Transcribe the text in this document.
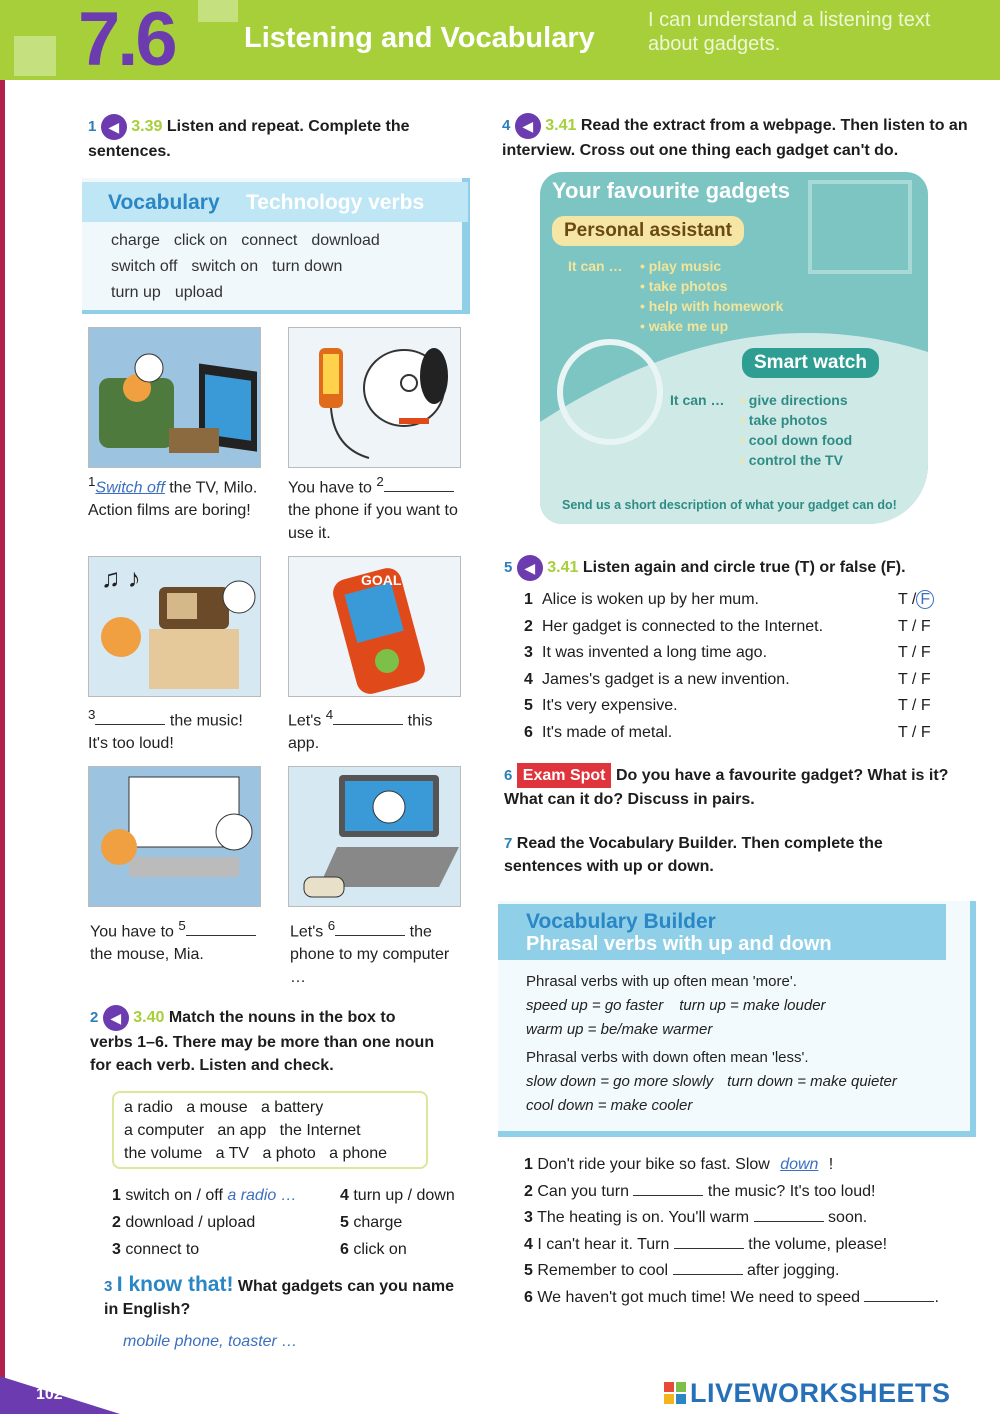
7.6 Listening and Vocabulary
I can understand a listening text about gadgets.
1 ◀ 3.39 Listen and repeat. Complete the sentences.
Vocabulary Technology verbs
charge click on connect download
switch off switch on turn down
turn up upload
$^1$Switch off the TV, Milo. Action films are boring!
You have to $^2$ the phone if you want to use it.
♫ ♪	GOAL
$^3$	the music! It's too loud!
Let's $^4$	this app.
You have to $^5$ the mouse, Mia.
Let's $^6$	the phone to my computer …
2 ◀ 3.40 Match the nouns in the box to verbs 1–6. There may be more than one noun for each verb. Listen and check.
a radio   a mouse   a battery
a computer   an app   the Internet
the volume   a TV   a photo   a phone
1 switch on / off a radio …
2 download / upload
3 connect to
4 turn up / down
5 charge
6 click on
3 I know that! What gadgets can you name in English?
mobile phone, toaster …
4 ◀ 3.41 Read the extract from a webpage. Then listen to an interview. Cross out one thing each gadget can't do.
Your favourite gadgets
Personal assistant
It can … • play music
• take photos
• help with homework
• wake me up
Smart watch
It can … • give directions
• take photos
• cool down food
• control the TV
Send us a short description of what your gadget can do!
5 ◀ 3.41 Listen again and circle true (T) or false (F).
1 Alice is woken up by her mum.	T / F
2 Her gadget is connected to the Internet.	T / F
3 It was invented a long time ago.	T / F
4 James's gadget is a new invention.	T / F
5 It's very expensive.	T / F
6 It's made of metal.	T / F
6 Exam Spot Do you have a favourite gadget? What is it? What can it do? Discuss in pairs.
7 Read the Vocabulary Builder. Then complete the sentences with up or down.
Vocabulary Builder
Phrasal verbs with up and down
Phrasal verbs with up often mean 'more'.
speed up = go faster turn up = make louder
warm up = be/make warmer
Phrasal verbs with down often mean 'less'.
slow down = go more slowly turn down = make quieter
cool down = make cooler
1 Don't ride your bike so fast. Slow down !
2 Can you turn	the music? It's too loud!
3 The heating is on. You'll warm	soon.
4 I can't hear it. Turn	the volume, please!
5 Remember to cool	after jogging.
6 We haven't got much time! We need to speed	.
102	LIVEWORKSHEETS
